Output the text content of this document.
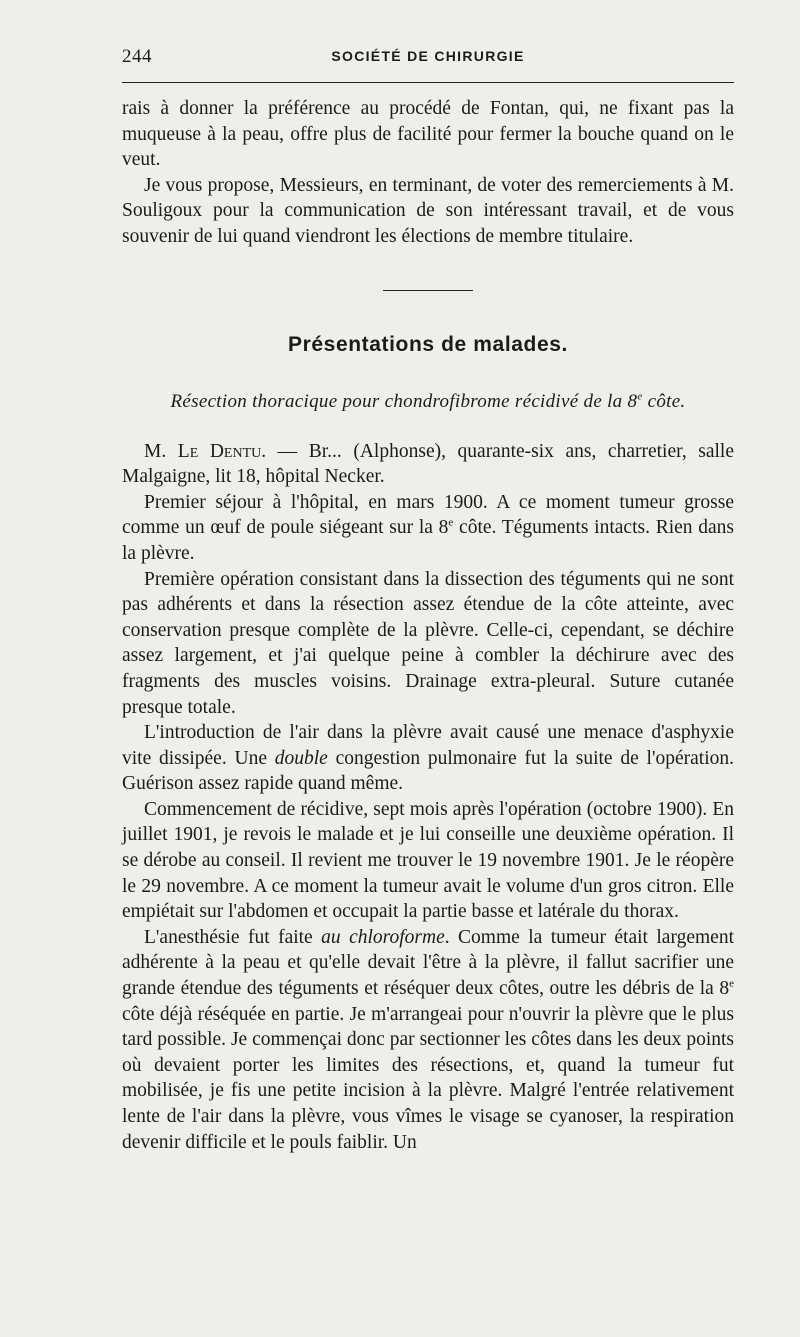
244	SOCIÉTÉ DE CHIRURGIE

rais à donner la préférence au procédé de Fontan, qui, ne fixant pas la muqueuse à la peau, offre plus de facilité pour fermer la bouche quand on le veut.

Je vous propose, Messieurs, en terminant, de voter des remerciements à M. Souligoux pour la communication de son intéressant travail, et de vous souvenir de lui quand viendront les élections de membre titulaire.

Présentations de malades.
Résection thoracique pour chondrofibrome récidivé de la 8e côte.

M. Le Dentu. — Br... (Alphonse), quarante-six ans, charretier, salle Malgaigne, lit 18, hôpital Necker.

Premier séjour à l'hôpital, en mars 1900. A ce moment tumeur grosse comme un œuf de poule siégeant sur la 8e côte. Téguments intacts. Rien dans la plèvre.

Première opération consistant dans la dissection des téguments qui ne sont pas adhérents et dans la résection assez étendue de la côte atteinte, avec conservation presque complète de la plèvre. Celle-ci, cependant, se déchire assez largement, et j'ai quelque peine à combler la déchirure avec des fragments des muscles voisins. Drainage extra-pleural. Suture cutanée presque totale.

L'introduction de l'air dans la plèvre avait causé une menace d'asphyxie vite dissipée. Une double congestion pulmonaire fut la suite de l'opération. Guérison assez rapide quand même.

Commencement de récidive, sept mois après l'opération (octobre 1900). En juillet 1901, je revois le malade et je lui conseille une deuxième opération. Il se dérobe au conseil. Il revient me trouver le 19 novembre 1901. Je le réopère le 29 novembre. A ce moment la tumeur avait le volume d'un gros citron. Elle empiétait sur l'abdomen et occupait la partie basse et latérale du thorax.

L'anesthésie fut faite au chloroforme. Comme la tumeur était largement adhérente à la peau et qu'elle devait l'être à la plèvre, il fallut sacrifier une grande étendue des téguments et réséquer deux côtes, outre les débris de la 8e côte déjà réséquée en partie. Je m'arrangeai pour n'ouvrir la plèvre que le plus tard possible. Je commençai donc par sectionner les côtes dans les deux points où devaient porter les limites des résections, et, quand la tumeur fut mobilisée, je fis une petite incision à la plèvre. Malgré l'entrée relativement lente de l'air dans la plèvre, vous vîmes le visage se cyanoser, la respiration devenir difficile et le pouls faiblir. Un
